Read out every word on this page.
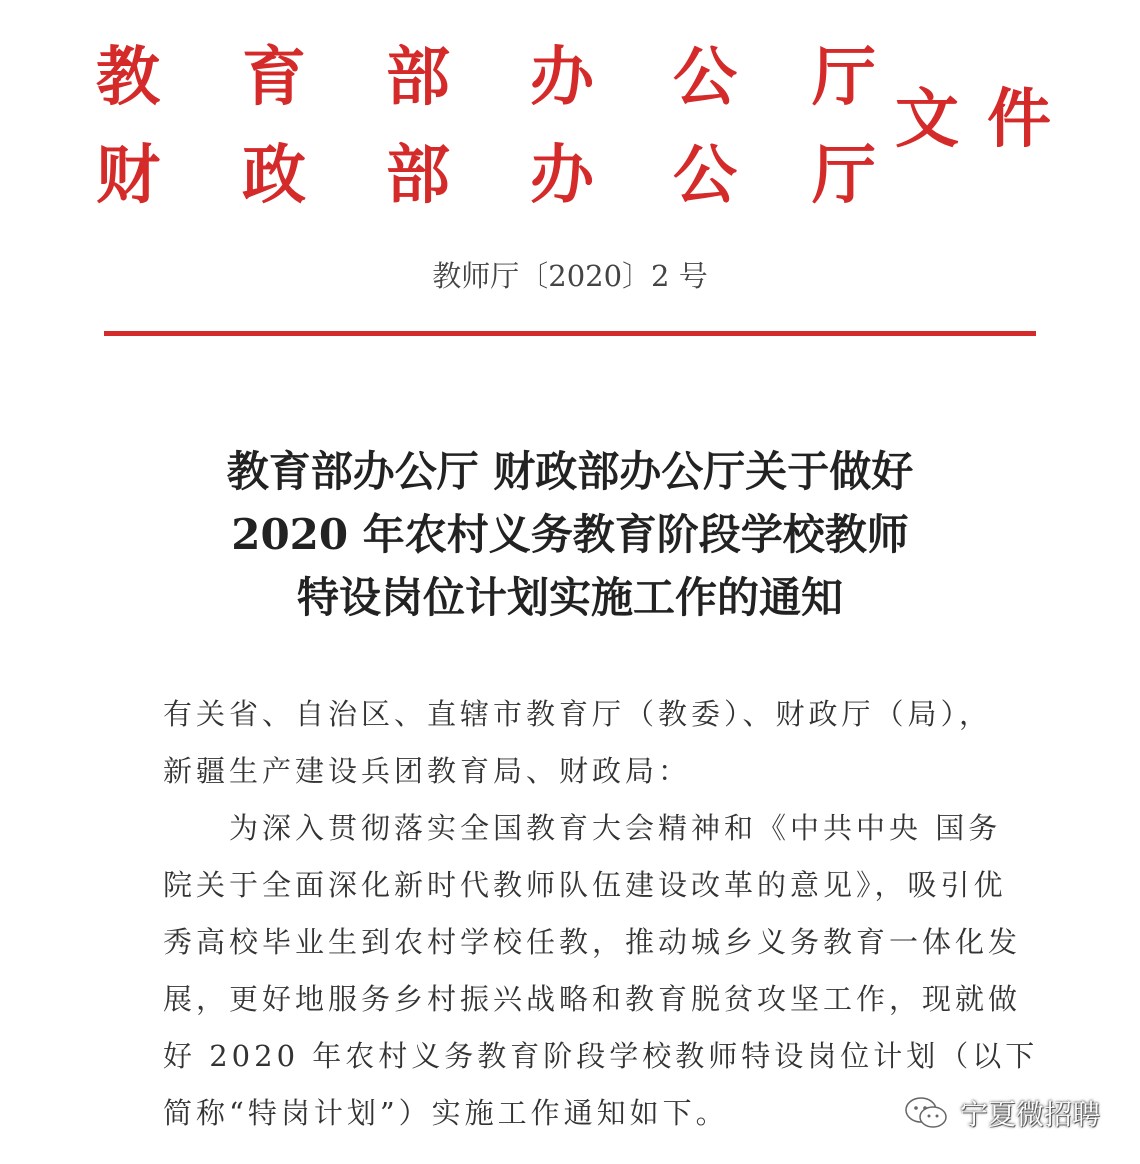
教 育 部 办 公 厅
财 政 部 办 公 厅
文件
教师厅〔2020〕2 号
教育部办公厅 财政部办公厅关于做好
2020 年农村义务教育阶段学校教师
特设岗位计划实施工作的通知

有关省、自治区、直辖市教育厅（教委）、财政厅（局），

新疆生产建设兵团教育局、财政局：

　　为深入贯彻落实全国教育大会精神和《中共中央 国务

院关于全面深化新时代教师队伍建设改革的意见》，吸引优

秀高校毕业生到农村学校任教，推动城乡义务教育一体化发

展，更好地服务乡村振兴战略和教育脱贫攻坚工作，现就做

好 2020 年农村义务教育阶段学校教师特设岗位计划（以下

简称“特岗计划”）实施工作通知如下。	宁夏微招聘
